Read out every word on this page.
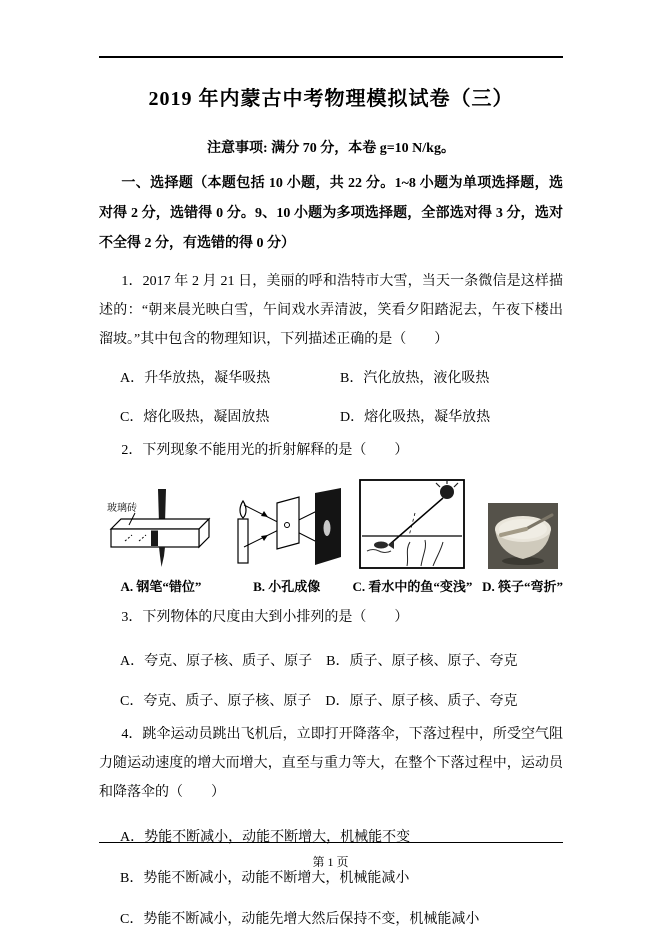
2019 年内蒙古中考物理模拟试卷（三）

注意事项: 满分 70 分，本卷 g=10 N/kg。

一、选择题（本题包括 10 小题，共 22 分。1~8 小题为单项选择题，选对得 2 分，选错得 0 分。9、10 小题为多项选择题，全部选对得 3 分，选对不全得 2 分，有选错的得 0 分）

1．2017 年 2 月 21 日，美丽的呼和浩特市大雪，当天一条微信是这样描述的：“朝来晨光映白雪，午间戏水弄清波，笑看夕阳踏泥去，午夜下楼出溜坡。”其中包含的物理知识，下列描述正确的是（　　）

A．升华放热，凝华吸热	B．汽化放热，液化吸热
C．熔化吸热，凝固放热	D．熔化吸热，凝华放热

2．下列现象不能用光的折射解释的是（　　）

玻璃砖
A. 钢笔“错位”	B. 小孔成像 C. 看水中的鱼“变浅” D. 筷子“弯折”

3．下列物体的尺度由大到小排列的是（　　）

A．夸克、原子核、质子、原子 B．质子、原子核、原子、夸克
C．夸克、质子、原子核、原子 D．原子、原子核、质子、夸克

4．跳伞运动员跳出飞机后，立即打开降落伞，下落过程中，所受空气阻力随运动速度的增大而增大，直至与重力等大，在整个下落过程中，运动员和降落伞的（　　）

A．势能不断减小，动能不断增大，机械能不变

B．势能不断减小，动能不断增大，机械能减小

C．势能不断减小，动能先增大然后保持不变，机械能减小

第 1 页
